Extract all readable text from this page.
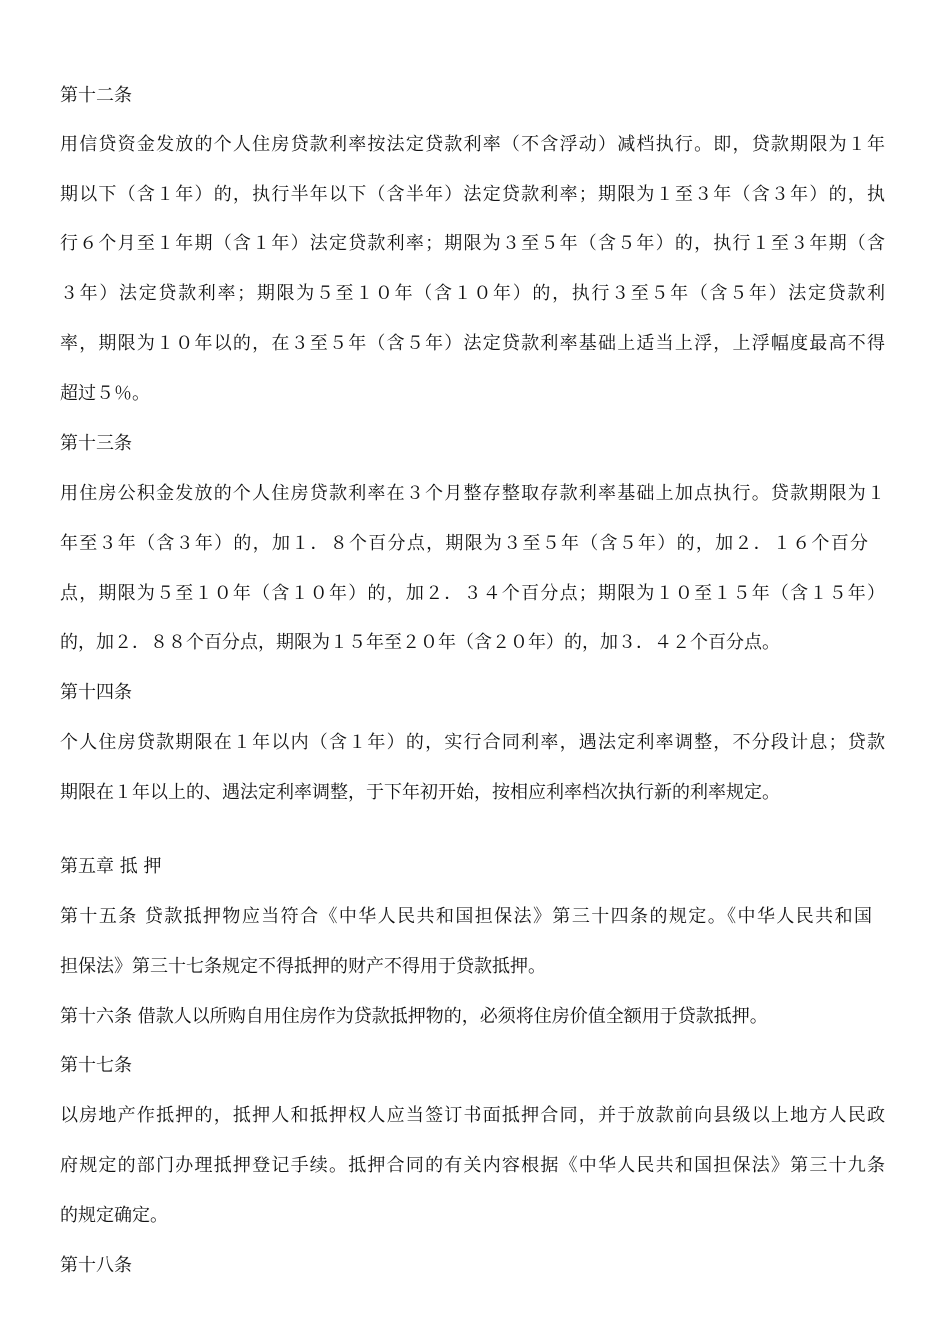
第十二条

用信贷资金发放的个人住房贷款利率按法定贷款利率（不含浮动）减档执行。即，贷款期限为１年

期以下（含１年）的，执行半年以下（含半年）法定贷款利率；期限为１至３年（含３年）的，执

行６个月至１年期（含１年）法定贷款利率；期限为３至５年（含５年）的，执行１至３年期（含

３年）法定贷款利率；期限为５至１０年（含１０年）的，执行３至５年（含５年）法定贷款利

率，期限为１０年以的，在３至５年（含５年）法定贷款利率基础上适当上浮，上浮幅度最高不得

超过５％。

第十三条

用住房公积金发放的个人住房贷款利率在３个月整存整取存款利率基础上加点执行。贷款期限为１

年至３年（含３年）的，加１．８个百分点，期限为３至５年（含５年）的，加２．１６个百分

点，期限为５至１０年（含１０年）的，加２．３４个百分点；期限为１０至１５年（含１５年）

的，加２．８８个百分点，期限为１５年至２０年（含２０年）的，加３．４２个百分点。

第十四条

个人住房贷款期限在１年以内（含１年）的，实行合同利率，遇法定利率调整，不分段计息；贷款

期限在１年以上的、遇法定利率调整，于下年初开始，按相应利率档次执行新的利率规定。

第五章 抵 押

第十五条 贷款抵押物应当符合《中华人民共和国担保法》第三十四条的规定。《中华人民共和国

担保法》第三十七条规定不得抵押的财产不得用于贷款抵押。

第十六条 借款人以所购自用住房作为贷款抵押物的，必须将住房价值全额用于贷款抵押。

第十七条

以房地产作抵押的，抵押人和抵押权人应当签订书面抵押合同，并于放款前向县级以上地方人民政

府规定的部门办理抵押登记手续。抵押合同的有关内容根据《中华人民共和国担保法》第三十九条

的规定确定。

第十八条
